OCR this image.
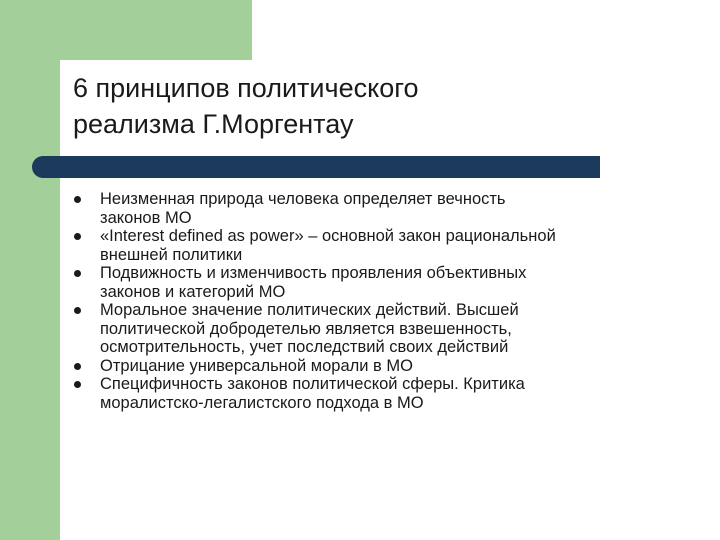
6 принципов политического
реализма Г.Моргентау
Неизменная природа человека определяет вечность
законов МО
«Interest defined as power» – основной закон рациональной
внешней политики
Подвижность и изменчивость проявления объективных
законов и категорий МО
Моральное значение политических действий. Высшей
политической добродетелью является взвешенность,
осмотрительность, учет последствий своих действий
Отрицание универсальной морали в МО
Специфичность законов политической сферы. Критика
моралистско-легалистского подхода в МО
